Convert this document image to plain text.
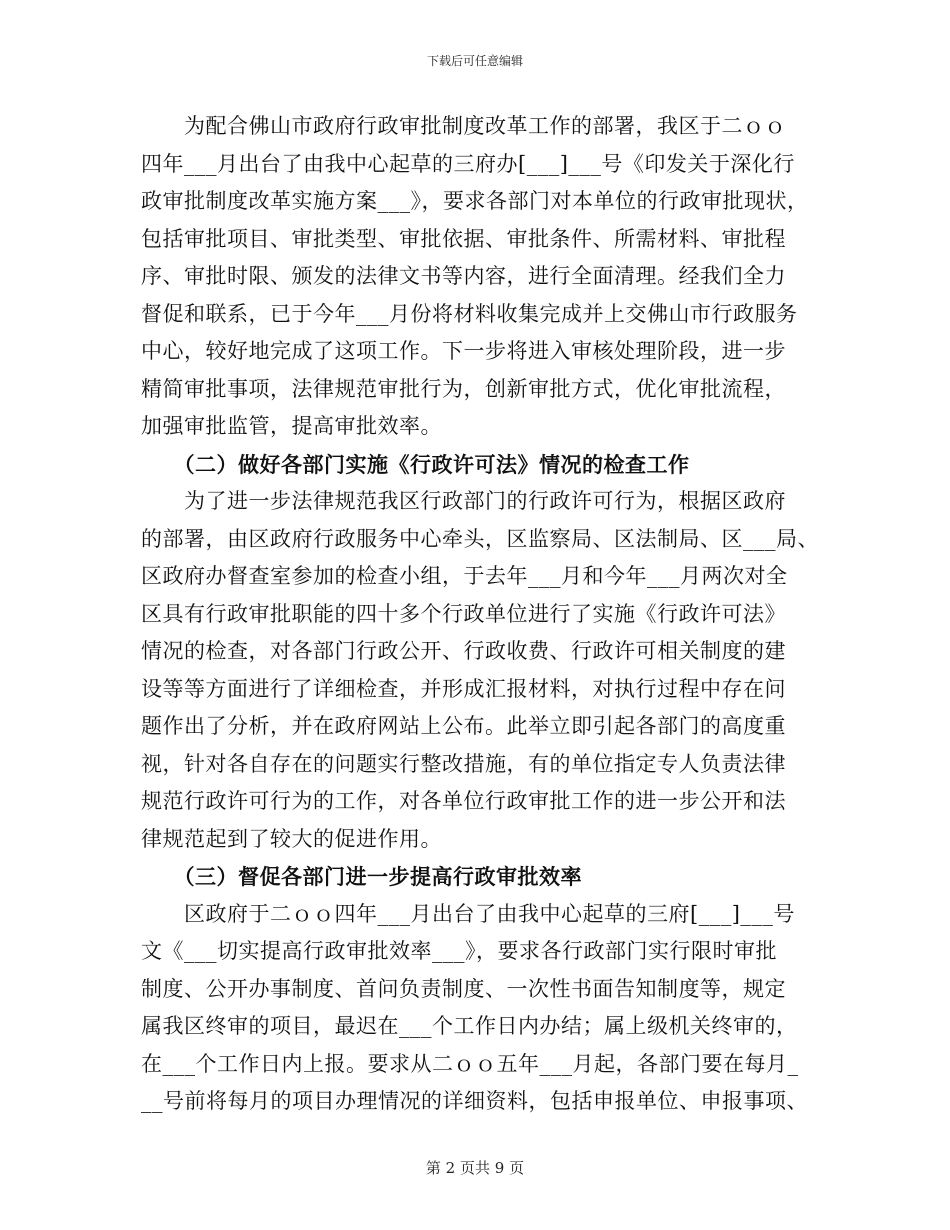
下载后可任意编辑
　　为配合佛山市政府行政审批制度改革工作的部署，我区于二ｏｏ
四年___月出台了由我中心起草的三府办[___]___号《印发关于深化行
政审批制度改革实施方案___》，要求各部门对本单位的行政审批现状，
包括审批项目、审批类型、审批依据、审批条件、所需材料、审批程
序、审批时限、颁发的法律文书等内容，进行全面清理。经我们全力
督促和联系，已于今年___月份将材料收集完成并上交佛山市行政服务
中心，较好地完成了这项工作。下一步将进入审核处理阶段，进一步
精简审批事项，法律规范审批行为，创新审批方式，优化审批流程，
加强审批监管，提高审批效率。
　　（二）做好各部门实施《行政许可法》情况的检查工作
　　为了进一步法律规范我区行政部门的行政许可行为，根据区政府
的部署，由区政府行政服务中心牵头，区监察局、区法制局、区___局、
区政府办督查室参加的检查小组，于去年___月和今年___月两次对全
区具有行政审批职能的四十多个行政单位进行了实施《行政许可法》
情况的检查，对各部门行政公开、行政收费、行政许可相关制度的建
设等等方面进行了详细检查，并形成汇报材料，对执行过程中存在问
题作出了分析，并在政府网站上公布。此举立即引起各部门的高度重
视，针对各自存在的问题实行整改措施，有的单位指定专人负责法律
规范行政许可行为的工作，对各单位行政审批工作的进一步公开和法
律规范起到了较大的促进作用。
　　（三）督促各部门进一步提高行政审批效率
　　区政府于二ｏｏ四年___月出台了由我中心起草的三府[___]___号
文《___切实提高行政审批效率___》，要求各行政部门实行限时审批
制度、公开办事制度、首问负责制度、一次性书面告知制度等，规定
属我区终审的项目，最迟在___个工作日内办结；属上级机关终审的，
在___个工作日内上报。要求从二ｏｏ五年___月起，各部门要在每月_
__号前将每月的项目办理情况的详细资料，包括申报单位、申报事项、
第 2 页共 9 页
